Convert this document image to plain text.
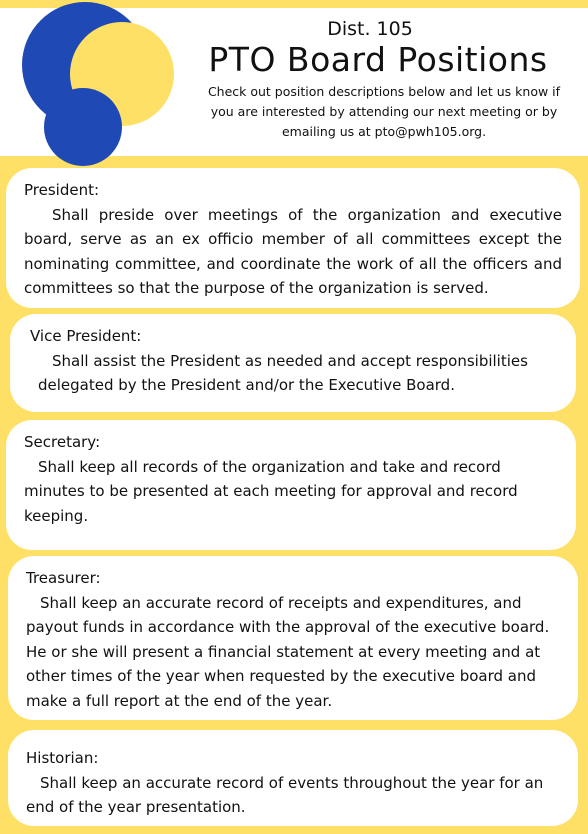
Dist. 105
PTO Board Positions
Check out position descriptions below and let us know if you are interested by attending our next meeting or by emailing us at pto@pwh105.org.
President:
Shall preside over meetings of the organization and executive board, serve as an ex officio member of all committees except the nominating committee, and coordinate the work of all the officers and committees so that the purpose of the organization is served.
Vice President:
Shall assist the President as needed and accept responsibilities delegated by the President and/or the Executive Board.
Secretary:
Shall keep all records of the organization and take and record minutes to be presented at each meeting for approval and record keeping.
Treasurer:
Shall keep an accurate record of receipts and expenditures, and payout funds in accordance with the approval of the executive board. He or she will present a financial statement at every meeting and at other times of the year when requested by the executive board and make a full report at the end of the year.
Historian:
Shall keep an accurate record of events throughout the year for an end of the year presentation.
